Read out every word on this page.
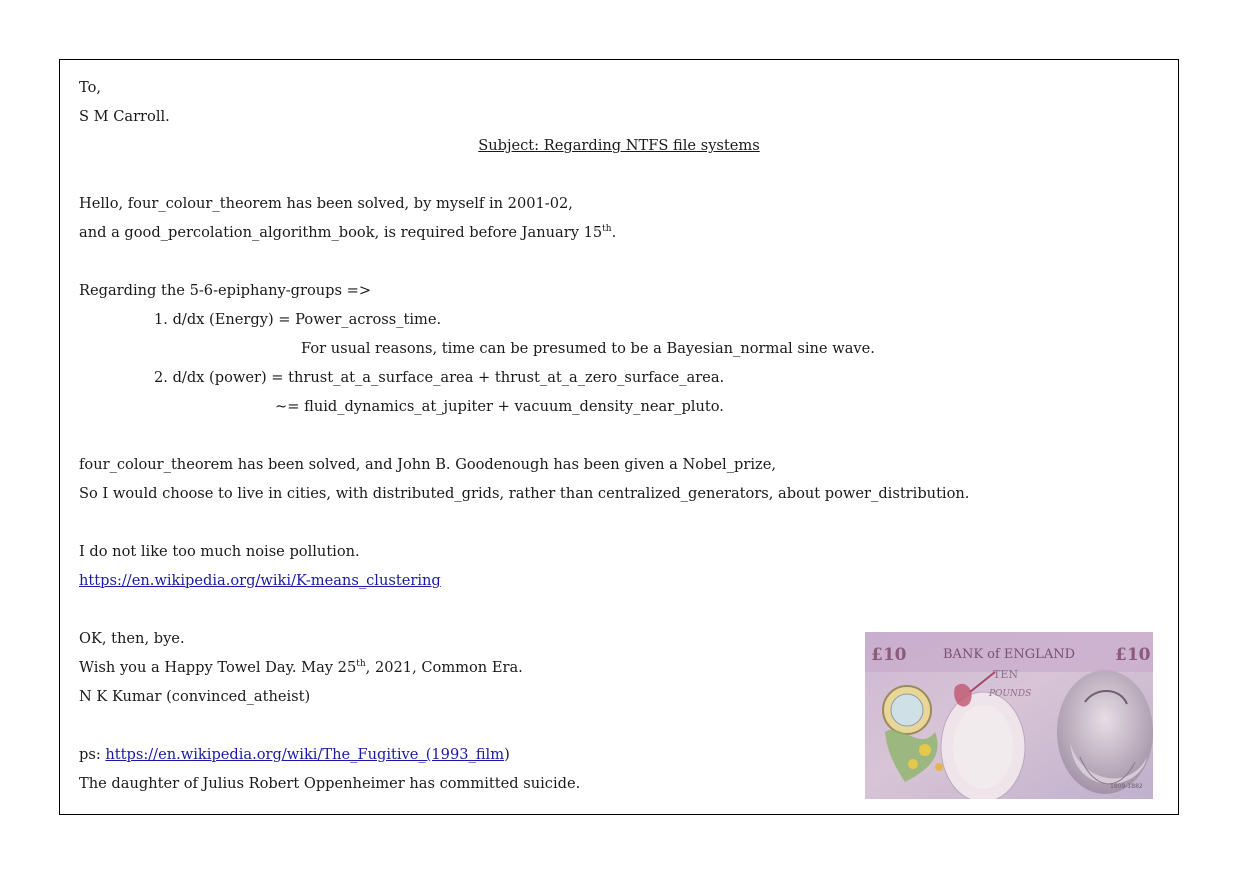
To,
S M Carroll.
Subject: Regarding NTFS file systems
Hello, four_colour_theorem has been solved, by myself in 2001-02,
and a good_percolation_algorithm_book, is required before January 15th.
Regarding the 5-6-epiphany-groups =>
1. d/dx (Energy) = Power_across_time.
For usual reasons, time can be presumed to be a Bayesian_normal sine wave.
2. d/dx (power) = thrust_at_a_surface_area + thrust_at_a_zero_surface_area.
~= fluid_dynamics_at_jupiter + vacuum_density_near_pluto.
four_colour_theorem has been solved, and John B. Goodenough has been given a Nobel_prize,
So I would choose to live in cities, with distributed_grids, rather than centralized_generators, about power_distribution.
I do not like too much noise pollution.
https://en.wikipedia.org/wiki/K-means_clustering
OK, then, bye.
Wish you a Happy Towel Day. May 25th, 2021, Common Era.
N K Kumar (convinced_atheist)
ps: https://en.wikipedia.org/wiki/The_Fugitive_(1993_film)
The daughter of Julius Robert Oppenheimer has committed suicide.
£10	£10
BANK of ENGLAND
TEN
POUNDS
1809-1882
